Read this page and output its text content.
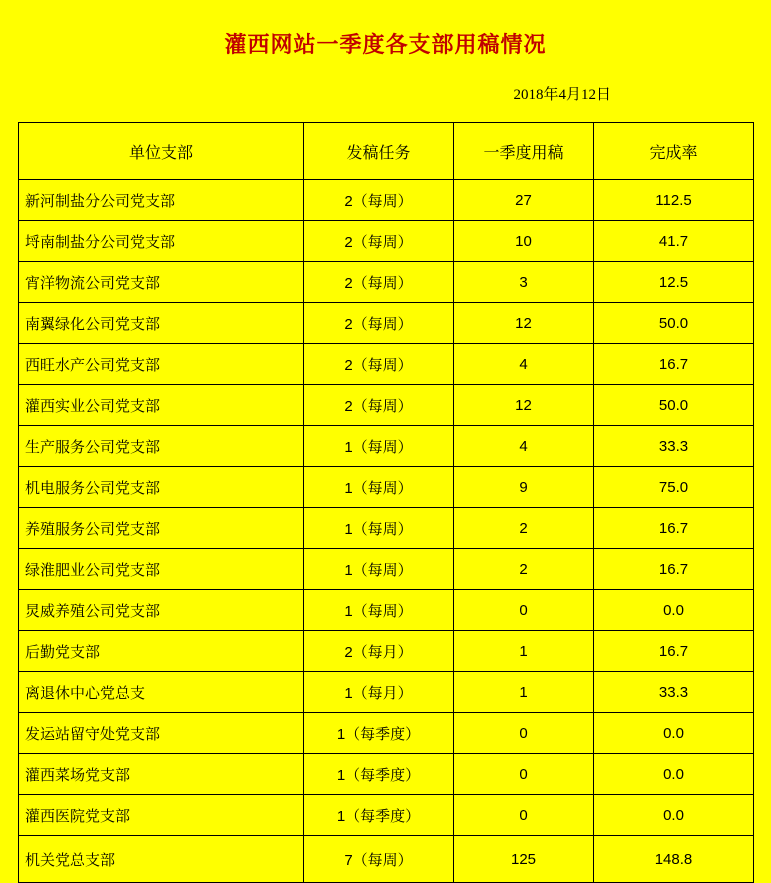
灌西网站一季度各支部用稿情况
2018年4月12日
单位支部	发稿任务	一季度用稿	完成率
新河制盐分公司党支部	2（每周）	27	112.5
埒南制盐分公司党支部	2（每周）	10	41.7
宵洋物流公司党支部	2（每周）	3	12.5
南翼绿化公司党支部	2（每周）	12	50.0
西旺水产公司党支部	2（每周）	4	16.7
灌西实业公司党支部	2（每周）	12	50.0
生产服务公司党支部	1（每周）	4	33.3
机电服务公司党支部	1（每周）	9	75.0
养殖服务公司党支部	1（每周）	2	16.7
绿淮肥业公司党支部	1（每周）	2	16.7
炅威养殖公司党支部	1（每周）	0	0.0
后勤党支部	2（每月）	1	16.7
离退休中心党总支	1（每月）	1	33.3
发运站留守处党支部	1（每季度）	0	0.0
灌西菜场党支部	1（每季度）	0	0.0
灌西医院党支部	1（每季度）	0	0.0
机关党总支部	7（每周）	125	148.8
